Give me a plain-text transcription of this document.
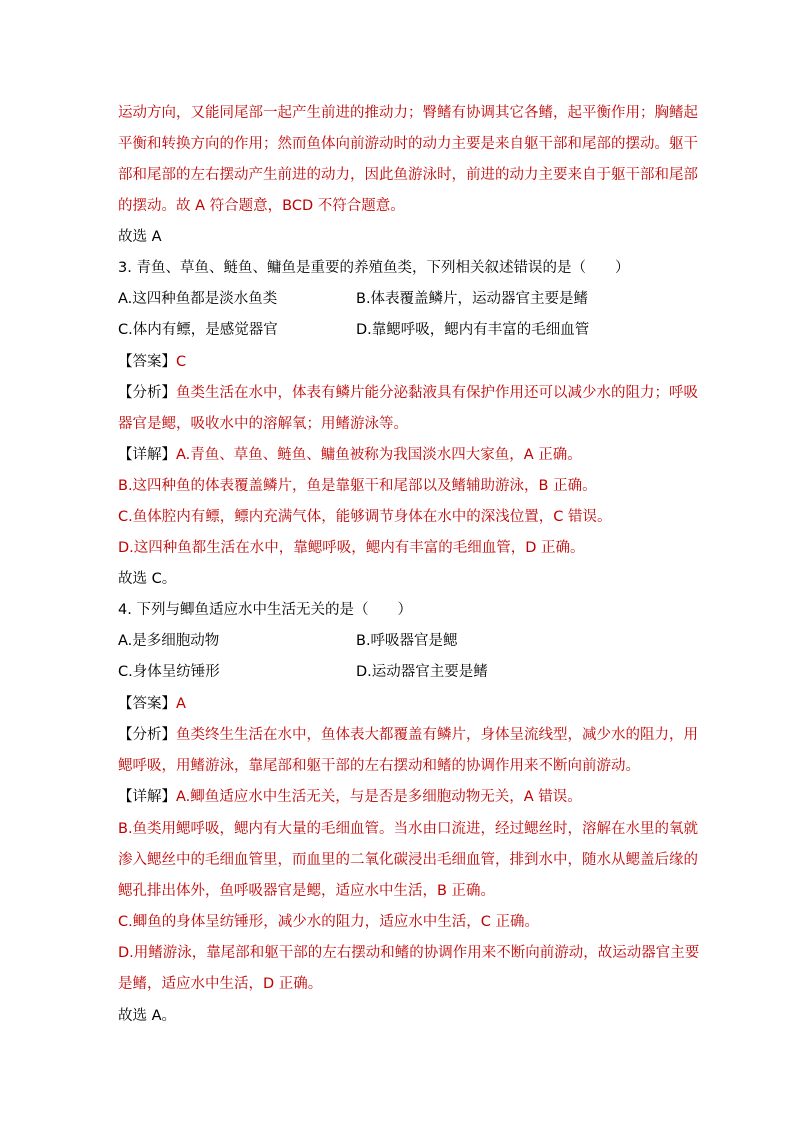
运动方向，又能同尾部一起产生前进的推动力；臀鳍有协调其它各鳍，起平衡作用；胸鳍起
平衡和转换方向的作用；然而鱼体向前游动时的动力主要是来自躯干部和尾部的摆动。躯干
部和尾部的左右摆动产生前进的动力，因此鱼游泳时，前进的动力主要来自于躯干部和尾部
的摆动。故 A 符合题意，BCD 不符合题意。
故选 A
3. 青鱼、草鱼、鲢鱼、鳙鱼是重要的养殖鱼类，下列相关叙述错误的是（　　）
A.这四种鱼都是淡水鱼类	B.体表覆盖鳞片，运动器官主要是鳍
C.体内有鳔，是感觉器官	D.靠鳃呼吸，鳃内有丰富的毛细血管
【答案】C
【分析】鱼类生活在水中，体表有鳞片能分泌黏液具有保护作用还可以减少水的阻力；呼吸
器官是鳃，吸收水中的溶解氧；用鳍游泳等。
【详解】A.青鱼、草鱼、鲢鱼、鳙鱼被称为我国淡水四大家鱼，A 正确。
B.这四种鱼的体表覆盖鳞片，鱼是靠躯干和尾部以及鳍辅助游泳，B 正确。
C.鱼体腔内有鳔，鳔内充满气体，能够调节身体在水中的深浅位置，C 错误。
D.这四种鱼都生活在水中，靠鳃呼吸，鳃内有丰富的毛细血管，D 正确。
故选 C。
4. 下列与鲫鱼适应水中生活无关的是（　　）
A.是多细胞动物	B.呼吸器官是鳃
C.身体呈纺锤形	D.运动器官主要是鳍
【答案】A
【分析】鱼类终生生活在水中，鱼体表大都覆盖有鳞片，身体呈流线型，减少水的阻力，用
鳃呼吸，用鳍游泳，靠尾部和躯干部的左右摆动和鳍的协调作用来不断向前游动。
【详解】A.鲫鱼适应水中生活无关，与是否是多细胞动物无关，A 错误。
B.鱼类用鳃呼吸，鳃内有大量的毛细血管。当水由口流进，经过鳃丝时，溶解在水里的氧就
渗入鳃丝中的毛细血管里，而血里的二氧化碳浸出毛细血管，排到水中，随水从鳃盖后缘的
鳃孔排出体外，鱼呼吸器官是鳃，适应水中生活，B 正确。
C.鲫鱼的身体呈纺锤形，减少水的阻力，适应水中生活，C 正确。
D.用鳍游泳，靠尾部和躯干部的左右摆动和鳍的协调作用来不断向前游动，故运动器官主要
是鳍，适应水中生活，D 正确。
故选 A。
